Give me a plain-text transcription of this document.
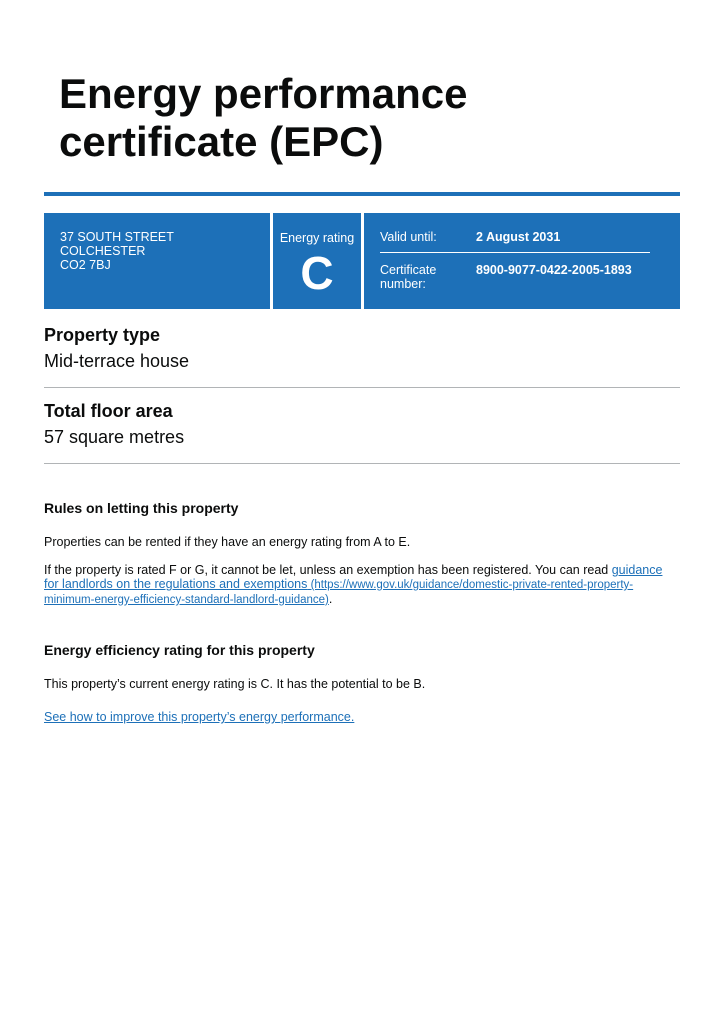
Energy performance
certificate (EPC)
37 SOUTH STREET
COLCHESTER
CO2 7BJ
Energy rating
C
Valid until:	2 August 2031
Certificate
number:
8900-9077-0422-2005-1893
Property type
Mid-terrace house
Total floor area
57 square metres
Rules on letting this property

Properties can be rented if they have an energy rating from A to E.

If the property is rated F or G, it cannot be let, unless an exemption has been registered. You can read guidance for landlords on the regulations and exemptions (https://www.gov.uk/guidance/domestic-private-rented-property-minimum-energy-efficiency-standard-landlord-guidance).

Energy efficiency rating for this property

This property’s current energy rating is C. It has the potential to be B.

See how to improve this property’s energy performance.
